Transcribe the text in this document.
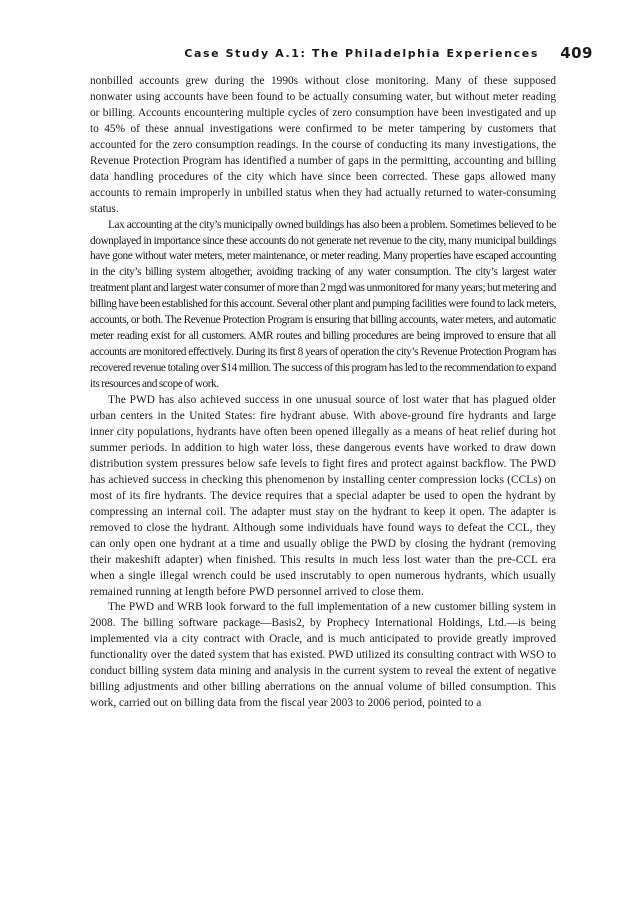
Case Study A.1: The Philadelphia Experiences 409

nonbilled accounts grew during the 1990s without close monitoring. Many of these supposed nonwater using accounts have been found to be actually consuming water, but without meter reading or billing. Accounts encountering multiple cycles of zero consumption have been investigated and up to 45% of these annual investigations were confirmed to be meter tampering by customers that accounted for the zero consumption readings. In the course of conducting its many investigations, the Revenue Protection Program has identified a number of gaps in the permitting, accounting and billing data handling procedures of the city which have since been corrected. These gaps allowed many accounts to remain improperly in unbilled status when they had actually returned to water-consuming status.

Lax accounting at the city’s municipally owned buildings has also been a problem. Sometimes believed to be downplayed in importance since these accounts do not generate net revenue to the city, many municipal buildings have gone without water meters, meter maintenance, or meter reading. Many properties have escaped accounting in the city’s billing system altogether, avoiding tracking of any water consumption. The city’s largest water treatment plant and largest water consumer of more than 2 mgd was unmonitored for many years; but metering and billing have been established for this account. Several other plant and pumping facilities were found to lack meters, accounts, or both. The Revenue Protection Program is ensuring that billing accounts, water meters, and automatic meter reading exist for all customers. AMR routes and billing procedures are being improved to ensure that all accounts are monitored effectively. During its first 8 years of operation the city’s Revenue Protection Program has recovered revenue totaling over $14 million. The success of this program has led to the recommendation to expand its resources and scope of work.

The PWD has also achieved success in one unusual source of lost water that has plagued older urban centers in the United States: fire hydrant abuse. With above-ground fire hydrants and large inner city populations, hydrants have often been opened illegally as a means of heat relief during hot summer periods. In addition to high water loss, these dangerous events have worked to draw down distribution system pressures below safe levels to fight fires and protect against backflow. The PWD has achieved success in checking this phenomenon by installing center compression locks (CCLs) on most of its fire hydrants. The device requires that a special adapter be used to open the hydrant by compressing an internal coil. The adapter must stay on the hydrant to keep it open. The adapter is removed to close the hydrant. Although some individuals have found ways to defeat the CCL, they can only open one hydrant at a time and usually oblige the PWD by closing the hydrant (removing their makeshift adapter) when finished. This results in much less lost water than the pre-CCL era when a single illegal wrench could be used inscrutably to open numerous hydrants, which usually remained running at length before PWD personnel arrived to close them.

The PWD and WRB look forward to the full implementation of a new customer billing system in 2008. The billing software package—Basis2, by Prophecy International Holdings, Ltd.—is being implemented via a city contract with Oracle, and is much anticipated to provide greatly improved functionality over the dated system that has existed. PWD utilized its consulting contract with WSO to conduct billing system data mining and analysis in the current system to reveal the extent of negative billing adjustments and other billing aberrations on the annual volume of billed consumption. This work, carried out on billing data from the fiscal year 2003 to 2006 period, pointed to a
